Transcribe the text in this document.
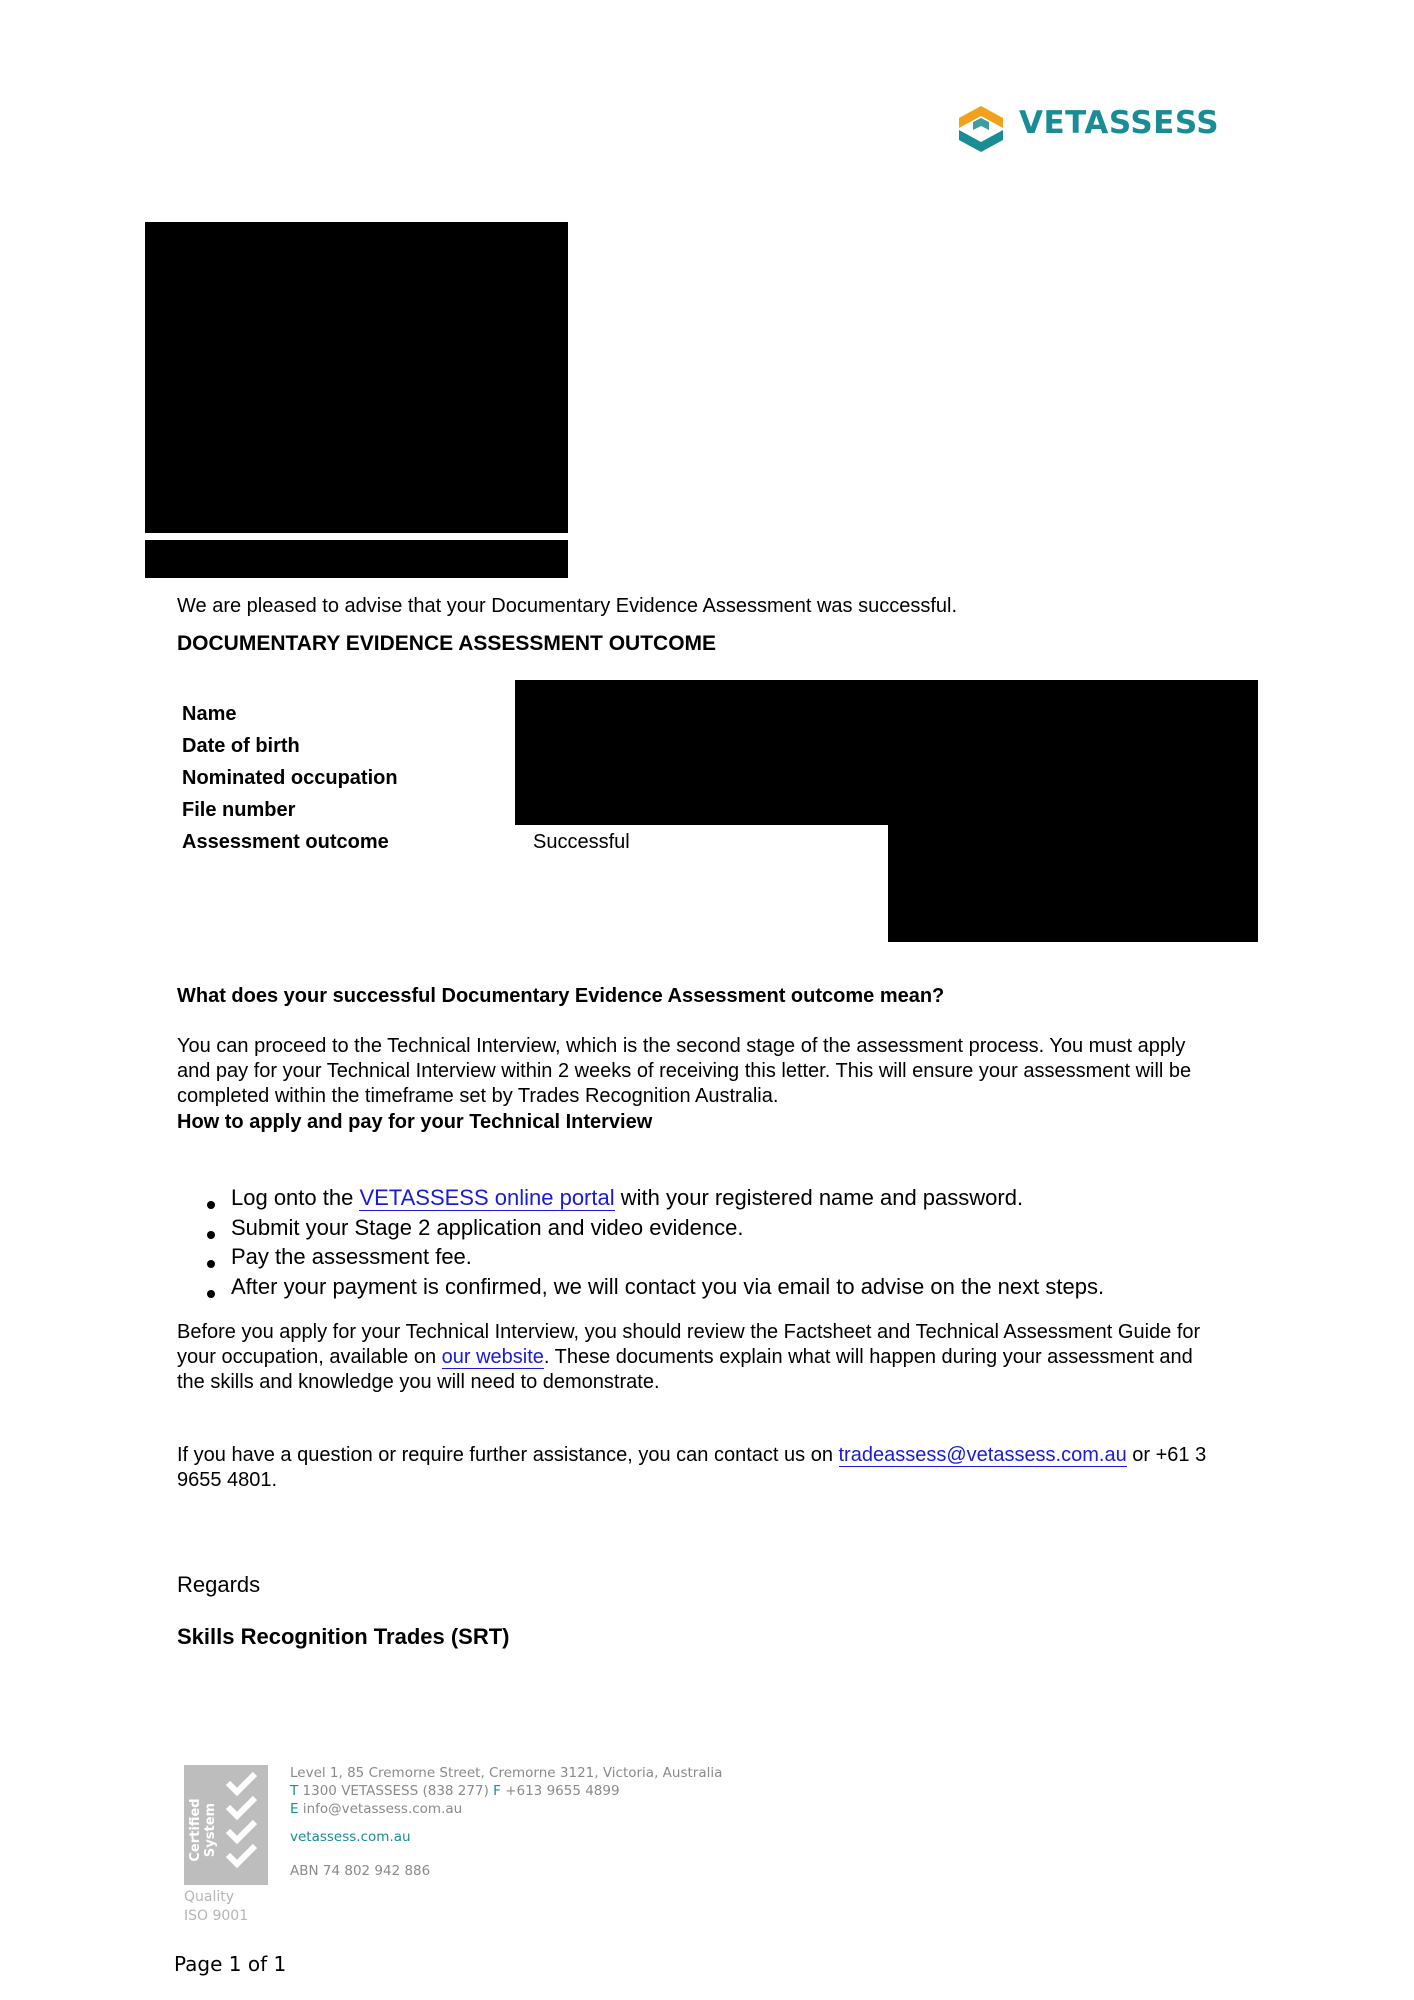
VETASSESS

We are pleased to advise that your Documentary Evidence Assessment was successful.

DOCUMENTARY EVIDENCE ASSESSMENT OUTCOME
Name
Date of birth
Nominated occupation
File number
Assessment outcome	Successful
What does your successful Documentary Evidence Assessment outcome mean?

You can proceed to the Technical Interview, which is the second stage of the assessment process. You must apply

and pay for your Technical Interview within 2 weeks of receiving this letter. This will ensure your assessment will be

completed within the timeframe set by Trades Recognition Australia.

How to apply and pay for your Technical Interview
Log onto the VETASSESS online portal with your registered name and password.
Submit your Stage 2 application and video evidence.
Pay the assessment fee.
After your payment is confirmed, we will contact you via email to advise on the next steps.

Before you apply for your Technical Interview, you should review the Factsheet and Technical Assessment Guide for

your occupation, available on our website. These documents explain what will happen during your assessment and

the skills and knowledge you will need to demonstrate.

If you have a question or require further assistance, you can contact us on tradeassess@vetassess.com.au or +61 3

9655 4801.

Regards
Skills Recognition Trades (SRT)
Certified System
Quality
ISO 9001
Level 1, 85 Cremorne Street, Cremorne 3121, Victoria, Australia
T 1300 VETASSESS (838 277) F +613 9655 4899
E info@vetassess.com.au
vetassess.com.au
ABN 74 802 942 886
Page 1 of 1
